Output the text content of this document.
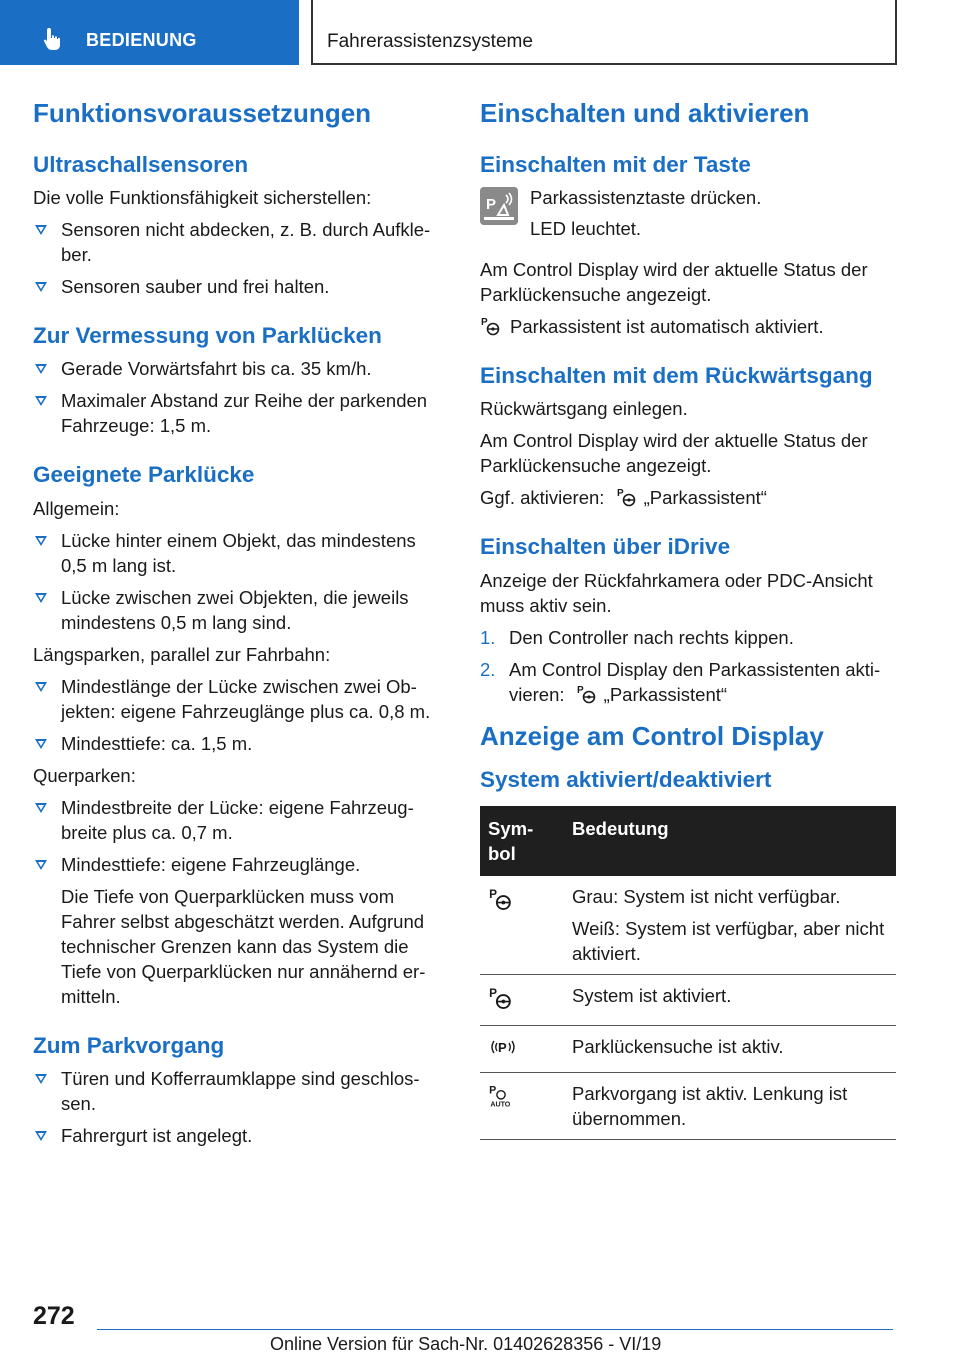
BEDIENUNG	Fahrerassistenzsysteme
Funktionsvoraussetzungen
Ultraschallsensoren

Die volle Funktionsfähigkeit sicherstellen:

Sensoren nicht abdecken, z. B. durch Aufkle‐ber.
Sensoren sauber und frei halten.
Zur Vermessung von Parklücken
Gerade Vorwärtsfahrt bis ca. 35 km/h.
Maximaler Abstand zur Reihe der parkenden Fahrzeuge: 1,5 m.
Geeignete Parklücke

Allgemein:

Lücke hinter einem Objekt, das mindestens 0,5 m lang ist.
Lücke zwischen zwei Objekten, die jeweils mindestens 0,5 m lang sind.

Längsparken, parallel zur Fahrbahn:

Mindestlänge der Lücke zwischen zwei Ob‐jekten: eigene Fahrzeuglänge plus ca. 0,8 m.
Mindesttiefe: ca. 1,5 m.

Querparken:

Mindestbreite der Lücke: eigene Fahrzeug‐breite plus ca. 0,7 m.
Mindesttiefe: eigene Fahrzeuglänge.
Die Tiefe von Querparklücken muss vom Fahrer selbst abgeschätzt werden. Aufgrund technischer Grenzen kann das System die Tiefe von Querparklücken nur annähernd er‐mitteln.
Zum Parkvorgang
Türen und Kofferraumklappe sind geschlos‐sen.
Fahrergurt ist angelegt.
Einschalten und aktivieren
Einschalten mit der Taste
P Parkassistenztaste drücken.

LED leuchtet.

Am Control Display wird der aktuelle Status der Parklückensuche angezeigt.

P Parkassistent ist automatisch aktiviert.

Einschalten mit dem Rückwärtsgang

Rückwärtsgang einlegen.

Am Control Display wird der aktuelle Status der Parklückensuche angezeigt.

Ggf. aktivieren: P „Parkassistent“

Einschalten über iDrive

Anzeige der Rückfahrkamera oder PDC-Ansicht muss aktiv sein.

1. Den Controller nach rechts kippen.
2. Am Control Display den Parkassistenten akti‐vieren: P „Parkassistent“
Anzeige am Control Display
System aktiviert/deaktiviert
Sym‐bol	Bedeutung

P	Grau: System ist nicht verfügbar.

Weiß: System ist verfügbar, aber nicht aktiviert.

P	System ist aktiviert.

P	Parklückensuche ist aktiv.

P
AUTO	Parkvorgang ist aktiv. Lenkung ist übernommen.

272
Online Version für Sach-Nr. 01402628356 - VI/19
